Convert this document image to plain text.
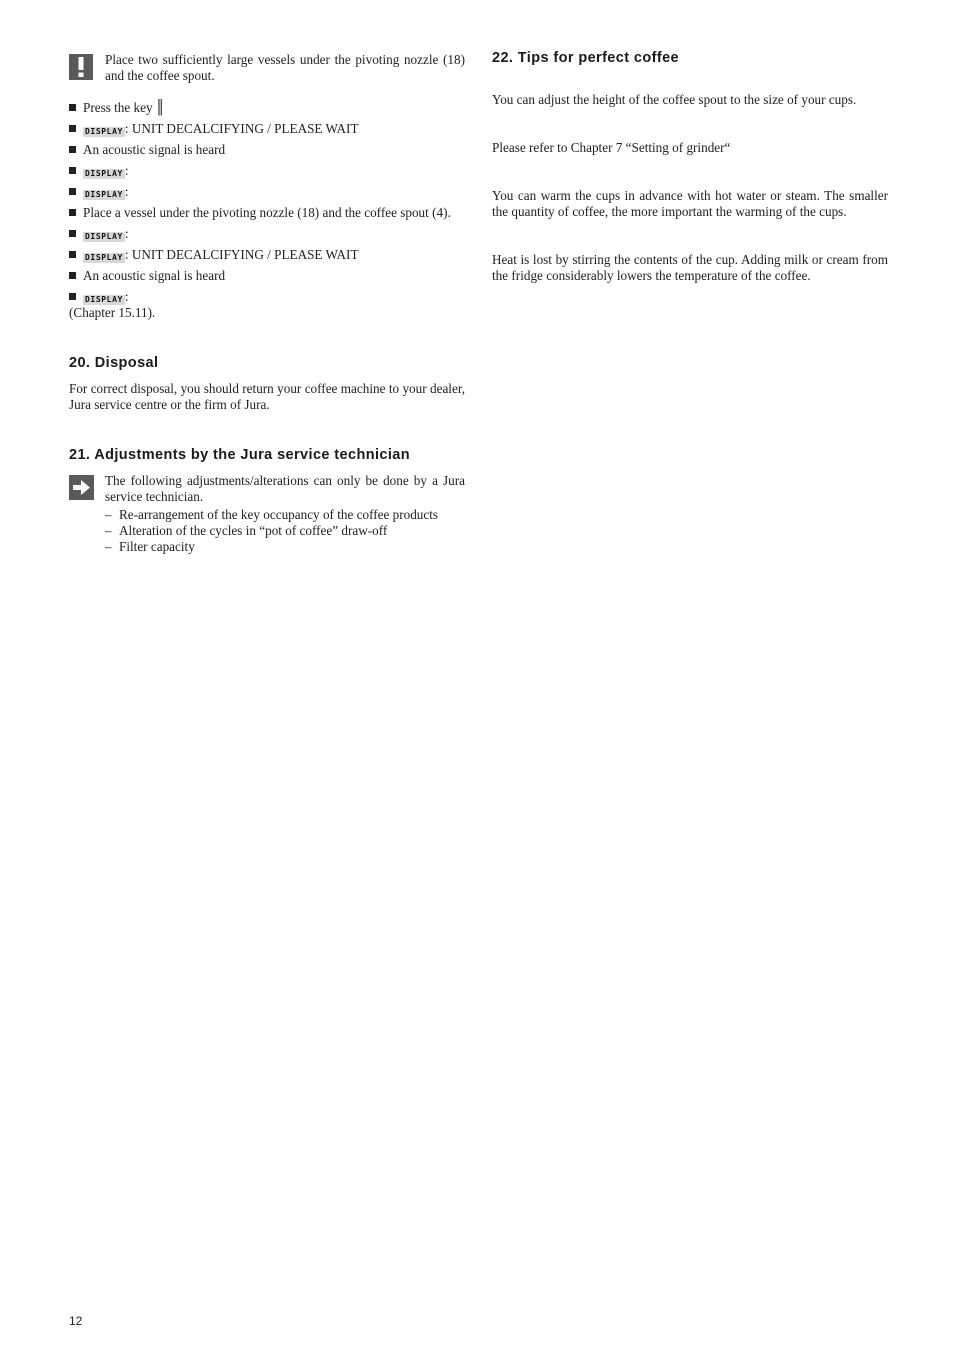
Place two sufficiently large vessels under the pivoting nozzle (18) and the coffee spout.

Press the key ║
DISPLAY : UNIT DECALCIFYING / PLEASE WAIT
An acoustic signal is heard
DISPLAY :
DISPLAY :
Place a vessel under the pivoting nozzle (18) and the coffee spout (4).
DISPLAY :
DISPLAY : UNIT DECALCIFYING / PLEASE WAIT
An acoustic signal is heard
DISPLAY :
(Chapter 15.11).
20. Disposal

For correct disposal, you should return your coffee machine to your dealer, Jura service centre or the firm of Jura.

21. Adjustments by the Jura service technician

The following adjustments/alterations can only be done by a Jura service technician.

– Re-arrangement of the key occupancy of the coffee products
– Alteration of the cycles in “pot of coffee” draw-off
– Filter capacity
22. Tips for perfect coffee

You can adjust the height of the coffee spout to the size of your cups.

Please refer to Chapter 7 “Setting of grinder“

You can warm the cups in advance with hot water or steam. The smaller the quantity of coffee, the more important the warming of the cups.

Heat is lost by stirring the contents of the cup. Adding milk or cream from the fridge considerably lowers the temperature of the coffee.

12
